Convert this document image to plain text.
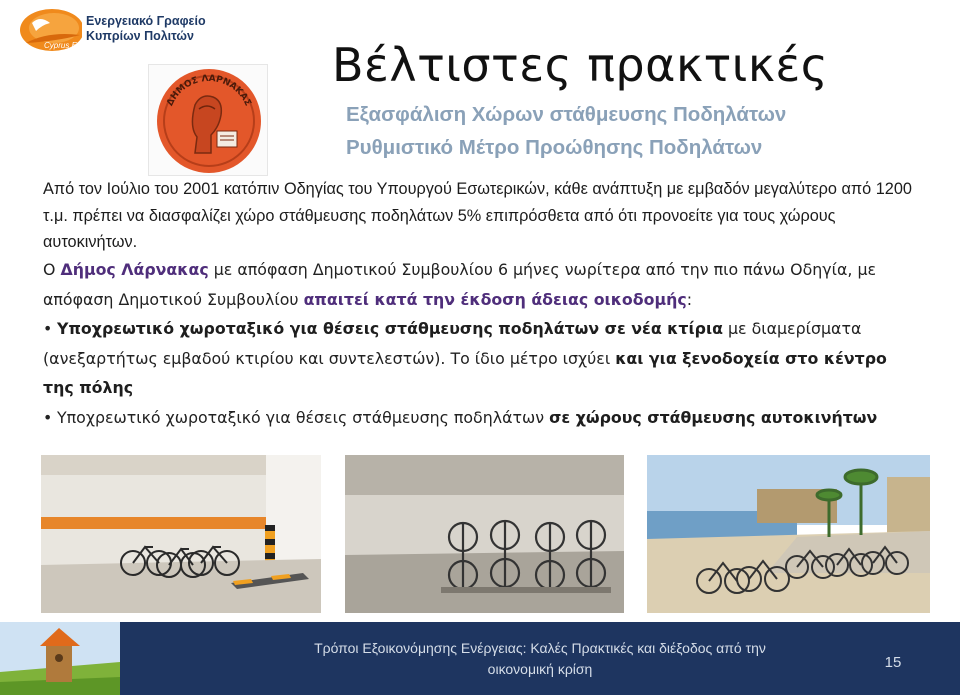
Cyprus Energy Agency
Ενεργειακό Γραφείο
Κυπρίων Πολιτών
ΔΗΜΟΣ ΛΑΡΝΑΚΑΣ
Βέλτιστες πρακτικές
Εξασφάλιση Χώρων στάθμευσης Ποδηλάτων
Ρυθμιστικό Μέτρο Προώθησης Ποδηλάτων
Από τον Ιούλιο του 2001 κατόπιν Οδηγίας του Υπουργού Εσωτερικών, κάθε ανάπτυξη με εμβαδόν μεγαλύτερο από 1200 τ.μ. πρέπει να διασφαλίζει χώρο στάθμευσης ποδηλάτων 5% επιπρόσθετα από ότι προνοείτε για τους χώρους αυτοκινήτων.
Ο Δήμος Λάρνακας με απόφαση Δημοτικού Συμβουλίου 6 μήνες νωρίτερα από την πιο πάνω Οδηγία, με απόφαση Δημοτικού Συμβουλίου απαιτεί κατά την έκδοση άδειας οικοδομής:
• Υποχρεωτικό χωροταξικό για θέσεις στάθμευσης ποδηλάτων σε νέα κτίρια με διαμερίσματα (ανεξαρτήτως εμβαδού κτιρίου και συντελεστών). Το ίδιο μέτρο ισχύει και για ξενοδοχεία στο κέντρο της πόλης
• Υποχρεωτικό χωροταξικό για θέσεις στάθμευσης ποδηλάτων σε χώρους στάθμευσης αυτοκινήτων
Τρόποι Εξοικονόμησης Ενέργειας: Καλές Πρακτικές και διέξοδος από την οικονομική κρίση	15
